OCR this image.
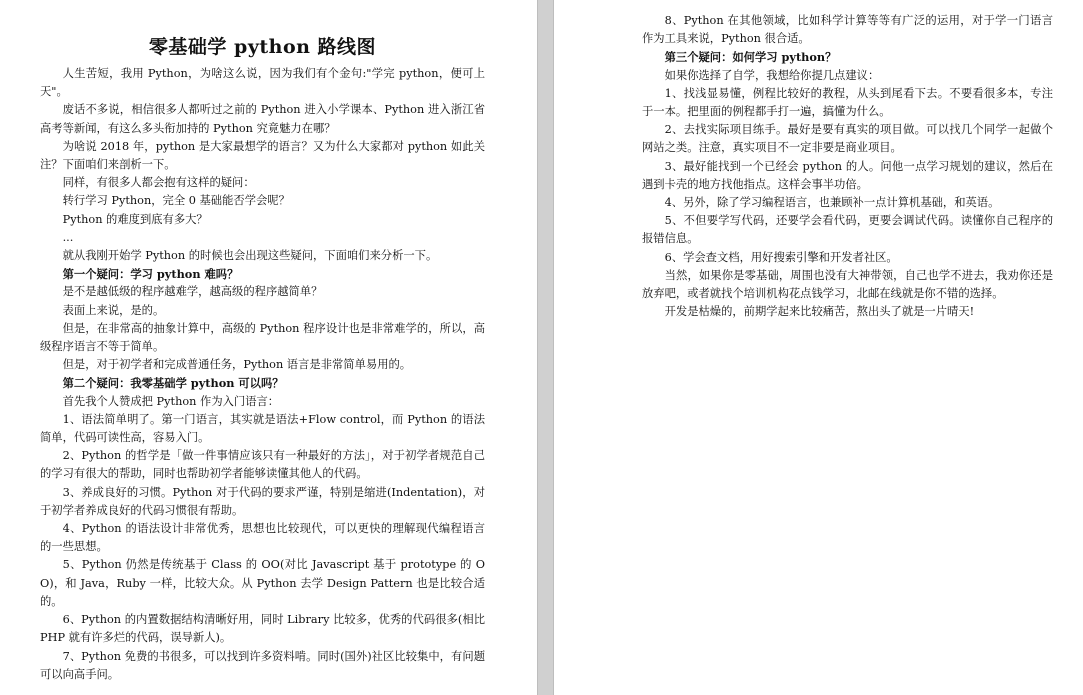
零基础学 python 路线图

人生苦短，我用 Python，为啥这么说，因为我们有个金句:"学完 python，便可上天"。

废话不多说，相信很多人都听过之前的 Python 进入小学课本、Python 进入浙江省高考等新闻，有这么多头衔加持的 Python 究竟魅力在哪？

为啥说 2018 年，python 是大家最想学的语言？又为什么大家都对 python 如此关注？下面咱们来剖析一下。

同样，有很多人都会抱有这样的疑问：

转行学习 Python，完全 0 基础能否学会呢？

Python 的难度到底有多大？

...

就从我刚开始学 Python 的时候也会出现这些疑问，下面咱们来分析一下。

第一个疑问：学习 python 难吗？

是不是越低级的程序越难学，越高级的程序越简单？

表面上来说，是的。

但是，在非常高的抽象计算中，高级的 Python 程序设计也是非常难学的，所以，高级程序语言不等于简单。

但是，对于初学者和完成普通任务，Python 语言是非常简单易用的。

第二个疑问：我零基础学 python 可以吗？

首先我个人赞成把 Python 作为入门语言：

1、语法简单明了。第一门语言，其实就是语法+Flow control，而 Python 的语法简单，代码可读性高，容易入门。

2、Python 的哲学是「做一件事情应该只有一种最好的方法」，对于初学者规范自己的学习有很大的帮助，同时也帮助初学者能够读懂其他人的代码。

3、养成良好的习惯。Python 对于代码的要求严谨，特别是缩进(Indentation)，对于初学者养成良好的代码习惯很有帮助。

4、Python 的语法设计非常优秀，思想也比较现代，可以更快的理解现代编程语言的一些思想。

5、Python 仍然是传统基于 Class 的 OO(对比 Javascript 基于 prototype 的 OO)，和 Java，Ruby 一样，比较大众。从 Python 去学 Design Pattern 也是比较合适的。

6、Python 的内置数据结构清晰好用，同时 Library 比较多，优秀的代码很多(相比 PHP 就有许多烂的代码，误导新人)。

7、Python 免费的书很多，可以找到许多资料啃。同时(国外)社区比较集中，有问题可以向高手问。

8、Python 在其他领域，比如科学计算等等有广泛的运用，对于学一门语言作为工具来说，Python 很合适。

第三个疑问：如何学习 python？

如果你选择了自学，我想给你提几点建议：

1、找浅显易懂，例程比较好的教程，从头到尾看下去。不要看很多本，专注于一本。把里面的例程都手打一遍，搞懂为什么。

2、去找实际项目练手。最好是要有真实的项目做。可以找几个同学一起做个网站之类。注意，真实项目不一定非要是商业项目。

3、最好能找到一个已经会 python 的人。问他一点学习规划的建议，然后在遇到卡壳的地方找他指点。这样会事半功倍。

4、另外，除了学习编程语言，也兼顾补一点计算机基础，和英语。

5、不但要学写代码，还要学会看代码，更要会调试代码。读懂你自己程序的报错信息。

6、学会查文档，用好搜索引擎和开发者社区。

当然，如果你是零基础，周围也没有大神带领，自己也学不进去，我劝你还是放弃吧，或者就找个培训机构花点钱学习，北邮在线就是你不错的选择。

开发是枯燥的，前期学起来比较痛苦，熬出头了就是一片晴天!
